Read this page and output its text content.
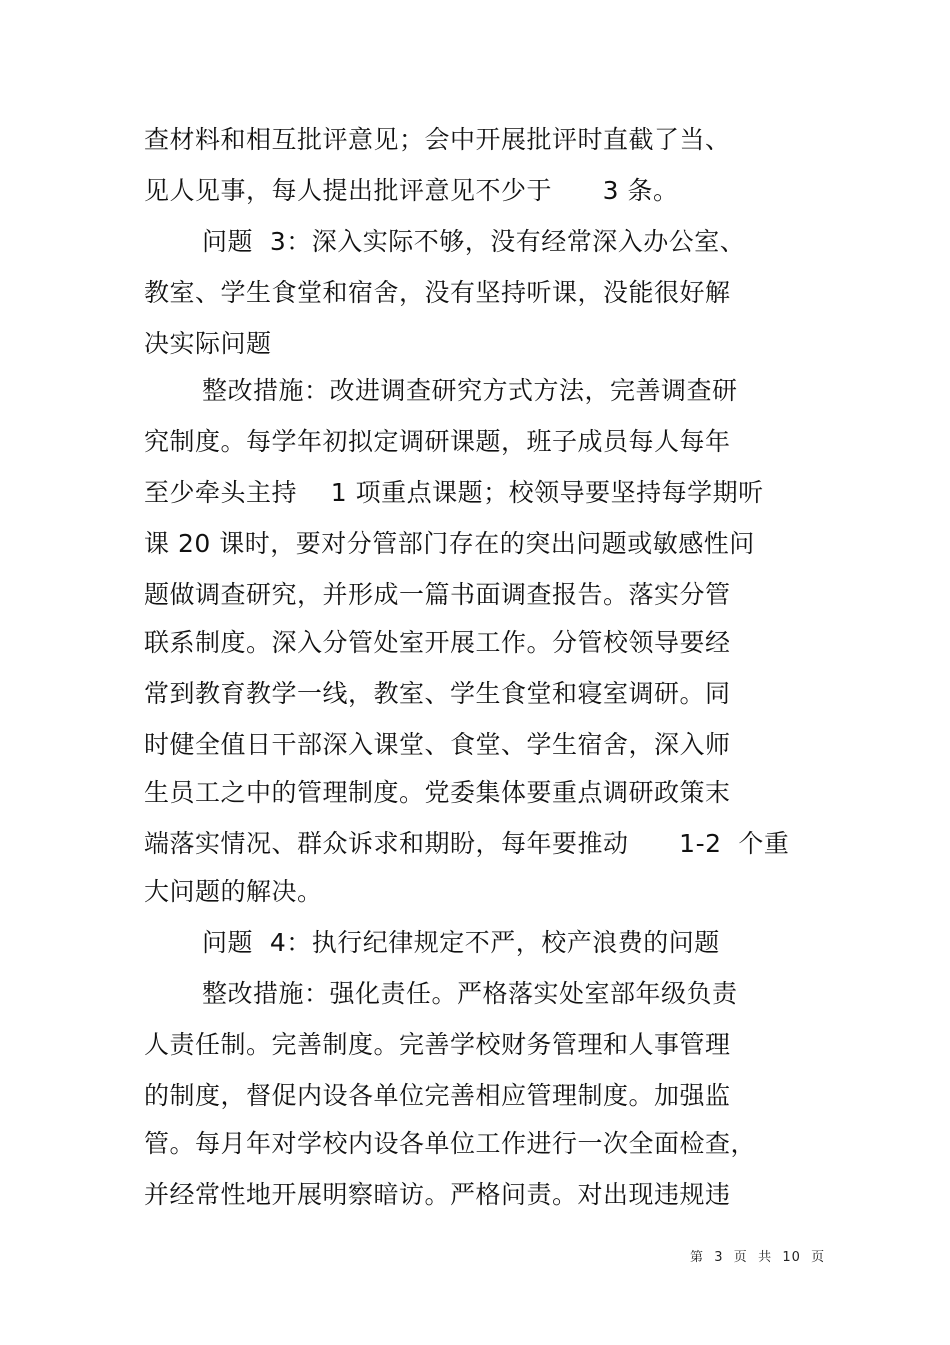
查材料和相互批评意见；会中开展批评时直截了当、
见人见事，每人提出批评意见不少于      3 条。
问题  3：深入实际不够，没有经常深入办公室、
教室、学生食堂和宿舍，没有坚持听课，没能很好解
决实际问题
整改措施：改进调查研究方式方法，完善调查研
究制度。每学年初拟定调研课题，班子成员每人每年
至少牵头主持    1 项重点课题；校领导要坚持每学期听
课 20 课时，要对分管部门存在的突出问题或敏感性问
题做调查研究，并形成一篇书面调查报告。落实分管
联系制度。深入分管处室开展工作。分管校领导要经
常到教育教学一线，教室、学生食堂和寝室调研。同
时健全值日干部深入课堂、食堂、学生宿舍，深入师
生员工之中的管理制度。党委集体要重点调研政策末
端落实情况、群众诉求和期盼，每年要推动      1-2  个重
大问题的解决。
问题  4：执行纪律规定不严，校产浪费的问题
整改措施：强化责任。严格落实处室部年级负责
人责任制。完善制度。完善学校财务管理和人事管理
的制度，督促内设各单位完善相应管理制度。加强监
管。每月年对学校内设各单位工作进行一次全面检查，
并经常性地开展明察暗访。严格问责。对出现违规违
第  3  页  共  10  页
